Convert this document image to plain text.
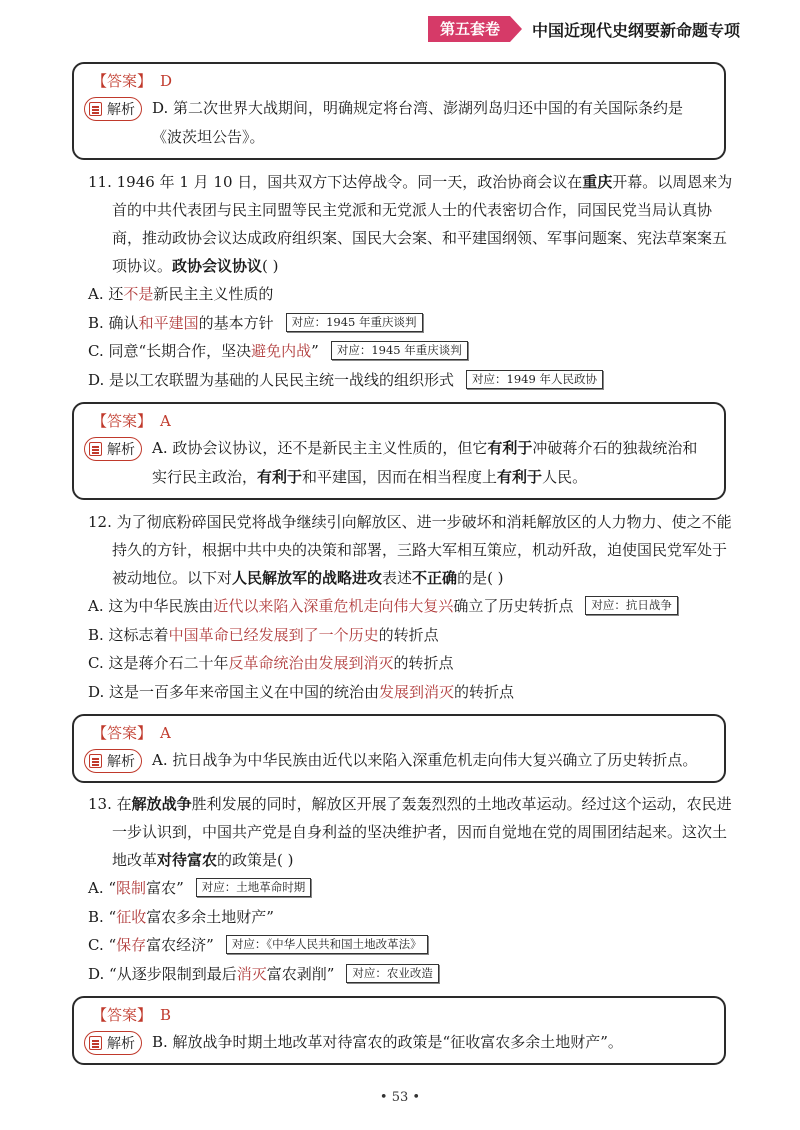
第五套卷	中国近现代史纲要新命题专项
【答案】 D
解析 D. 第二次世界大战期间，明确规定将台湾、澎湖列岛归还中国的有关国际条约是《波茨坦公告》。

11. 1946 年 1 月 10 日，国共双方下达停战令。同一天，政治协商会议在重庆开幕。以周恩来为首的中共代表团与民主同盟等民主党派和无党派人士的代表密切合作，同国民党当局认真协商，推动政协会议达成政府组织案、国民大会案、和平建国纲领、军事问题案、宪法草案案五项协议。政协会议协议( )

A. 还不是新民主主义性质的

B. 确认和平建国的基本方针 对应：1945 年重庆谈判

C. 同意“长期合作，坚决避免内战” 对应：1945 年重庆谈判

D. 是以工农联盟为基础的人民民主统一战线的组织形式 对应：1949 年人民政协

【答案】 A
解析 A. 政协会议协议，还不是新民主主义性质的，但它有利于冲破蒋介石的独裁统治和实行民主政治，有利于和平建国，因而在相当程度上有利于人民。

12. 为了彻底粉碎国民党将战争继续引向解放区、进一步破坏和消耗解放区的人力物力、使之不能持久的方针，根据中共中央的决策和部署，三路大军相互策应，机动歼敌，迫使国民党军处于被动地位。以下对人民解放军的战略进攻表述不正确的是( )

A. 这为中华民族由近代以来陷入深重危机走向伟大复兴确立了历史转折点 对应：抗日战争

B. 这标志着中国革命已经发展到了一个历史的转折点

C. 这是蒋介石二十年反革命统治由发展到消灭的转折点

D. 这是一百多年来帝国主义在中国的统治由发展到消灭的转折点

【答案】 A
解析 A. 抗日战争为中华民族由近代以来陷入深重危机走向伟大复兴确立了历史转折点。

13. 在解放战争胜利发展的同时，解放区开展了轰轰烈烈的土地改革运动。经过这个运动，农民进一步认识到，中国共产党是自身利益的坚决维护者，因而自觉地在党的周围团结起来。这次土地改革对待富农的政策是( )

A. “限制富农” 对应：土地革命时期

B. “征收富农多余土地财产”

C. “保存富农经济” 对应：《中华人民共和国土地改革法》

D. “从逐步限制到最后消灭富农剥削” 对应：农业改造

【答案】 B
解析 B. 解放战争时期土地改革对待富农的政策是“征收富农多余土地财产”。
• 53 •
